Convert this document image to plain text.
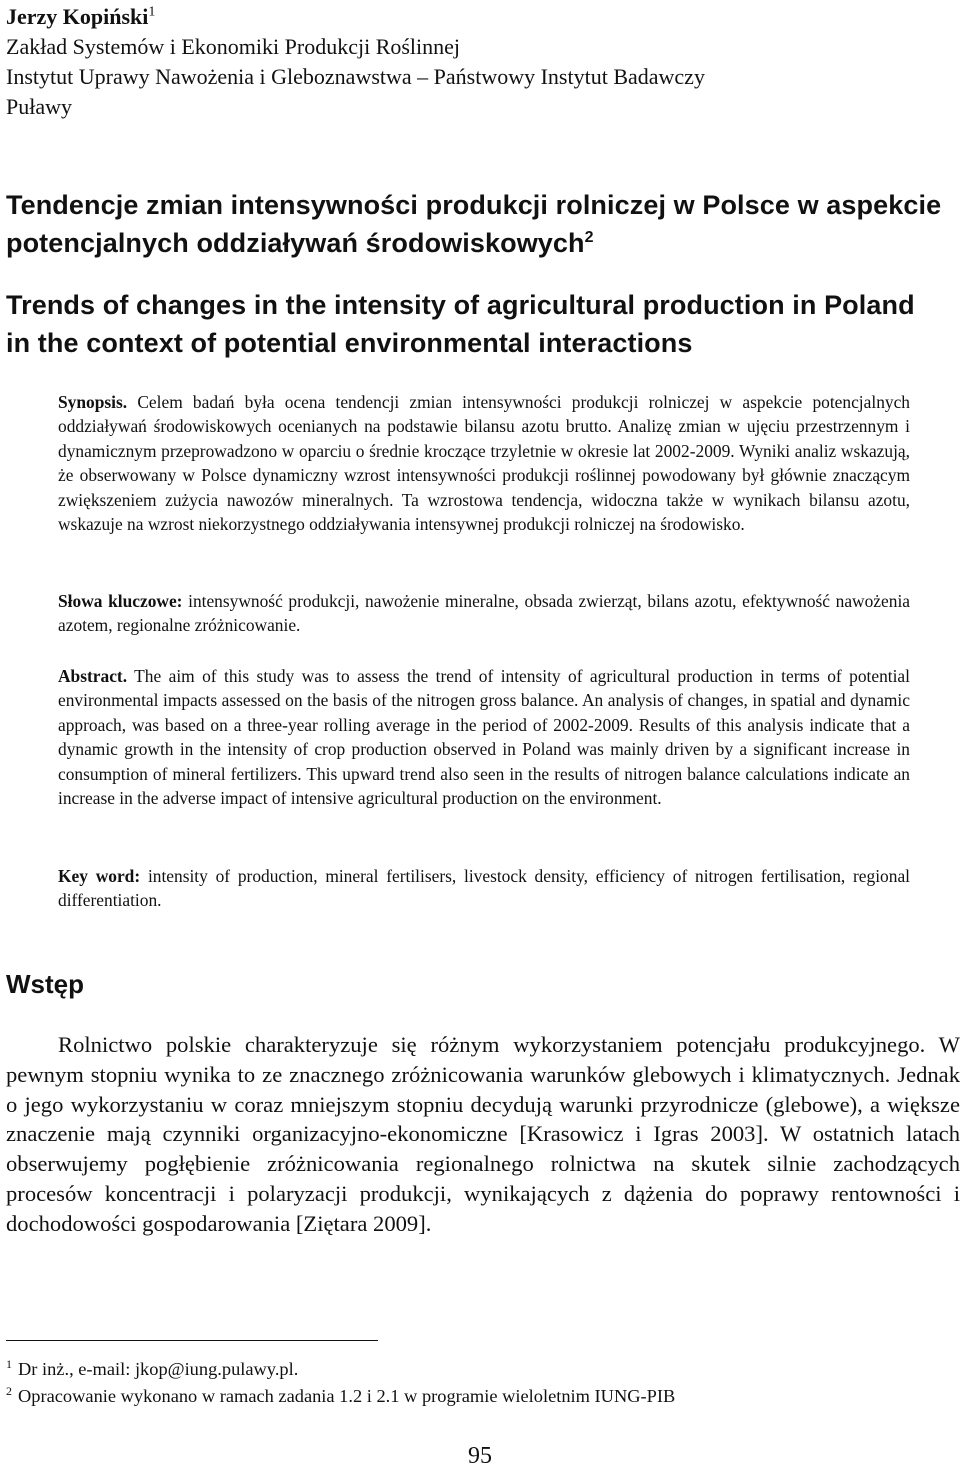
Jerzy Kopiński$^1$
Zakład Systemów i Ekonomiki Produkcji Roślinnej
Instytut Uprawy Nawożenia i Gleboznawstwa – Państwowy Instytut Badawczy
Puławy
Tendencje zmian intensywności produkcji rolniczej w Polsce w aspekcie potencjalnych oddziaływań środowiskowych$^2$
Trends of changes in the intensity of agricultural production in Poland in the context of potential environmental interactions
Synopsis. Celem badań była ocena tendencji zmian intensywności produkcji rolniczej w aspekcie potencjalnych oddziaływań środowiskowych ocenianych na podstawie bilansu azotu brutto. Analizę zmian w ujęciu przestrzennym i dynamicznym przeprowadzono w oparciu o średnie kroczące trzyletnie w okresie lat 2002-2009. Wyniki analiz wskazują, że obserwowany w Polsce dynamiczny wzrost intensywności produkcji roślinnej powodowany był głównie znaczącym zwiększeniem zużycia nawozów mineralnych. Ta wzrostowa tendencja, widoczna także w wynikach bilansu azotu, wskazuje na wzrost niekorzystnego oddziaływania intensywnej produkcji rolniczej na środowisko.
Słowa kluczowe: intensywność produkcji, nawożenie mineralne, obsada zwierząt, bilans azotu, efektywność nawożenia azotem, regionalne zróżnicowanie.
Abstract. The aim of this study was to assess the trend of intensity of agricultural production in terms of potential environmental impacts assessed on the basis of the nitrogen gross balance. An analysis of changes, in spatial and dynamic approach, was based on a three-year rolling average in the period of 2002-2009. Results of this analysis indicate that a dynamic growth in the intensity of crop production observed in Poland was mainly driven by a significant increase in consumption of mineral fertilizers. This upward trend also seen in the results of nitrogen balance calculations indicate an increase in the adverse impact of intensive agricultural production on the environment.
Key word: intensity of production, mineral fertilisers, livestock density, efficiency of nitrogen fertilisation, regional differentiation.
Wstęp
Rolnictwo polskie charakteryzuje się różnym wykorzystaniem potencjału produkcyjnego. W pewnym stopniu wynika to ze znacznego zróżnicowania warunków glebowych i klimatycznych. Jednak o jego wykorzystaniu w coraz mniejszym stopniu decydują warunki przyrodnicze (glebowe), a większe znaczenie mają czynniki organizacyjno-ekonomiczne [Krasowicz i Igras 2003]. W ostatnich latach obserwujemy pogłębienie zróżnicowania regionalnego rolnictwa na skutek silnie zachodzących procesów koncentracji i polaryzacji produkcji, wynikających z dążenia do poprawy rentowności i dochodowości gospodarowania [Ziętara 2009].
$^1$ Dr inż., e-mail: jkop@iung.pulawy.pl.
$^2$ Opracowanie wykonano w ramach zadania 1.2 i 2.1 w programie wieloletnim IUNG-PIB
95
